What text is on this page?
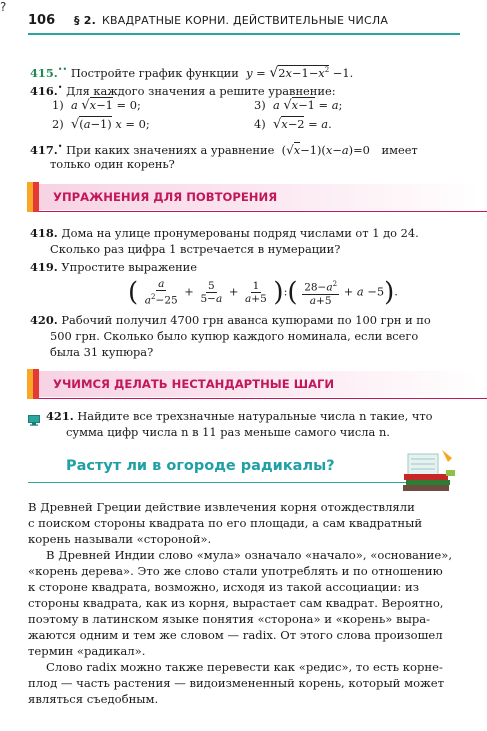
?
106 § 2. КВАДРАТНЫЕ КОРНИ. ДЕЙСТВИТЕЛЬНЫЕ ЧИСЛА
415.•• Постройте график функции $y = √2x-1-x^2 -1$.
416.• Для каждого значения a решите уравнение:
1) a √x−1 = 0;	3) a √x−1 = a;
2) √(a−1) x = 0;	4) √x−2 = a.
417.• При каких значениях a уравнение  (√x−1)(x−a)=0 имеет
только один корень?
УПРАЖНЕНИЯ ДЛЯ ПОВТОРЕНИЯ
418. Дома на улице пронумерованы подряд числами от 1 до 24.
Сколько раз цифра 1 встречается в нумерации?
419. Упростите выражение
( $\frac{a}{a^2-25} + \frac{5}{5-a} + \frac{1}{a+5}$ ):( $\frac{28-a^2}{a+5} + a -5$).
420. Рабочий получил 4700 грн аванса купюрами по 100 грн и по
500 грн. Сколько было купюр каждого номинала, если всего
была 31 купюра?
УЧИМСЯ ДЕЛАТЬ НЕСТАНДАРТНЫЕ ШАГИ
421. Найдите все трехзначные натуральные числа n такие, что
сумма цифр числа n в 11 раз меньше самого числа n.
Растут ли в огороде радикалы?
В Древней Греции действие извлечения корня отождествляли
с поиском стороны квадрата по его площади, а сам квадратный
корень называли «стороной».
В Древней Индии слово «мула» означало «начало», «основание»,
«корень дерева». Это же слово стали употреблять и по отношению
к стороне квадрата, возможно, исходя из такой ассоциации: из
стороны квадрата, как из корня, вырастает сам квадрат. Вероятно,
поэтому в латинском языке понятия «сторона» и «корень» выра-
жаются одним и тем же словом — radix. От этого слова произошел
термин «радикал».
Слово radix можно также перевести как «редис», то есть корне-
плод — часть растения — видоизмененный корень, который может
являться съедобным.
